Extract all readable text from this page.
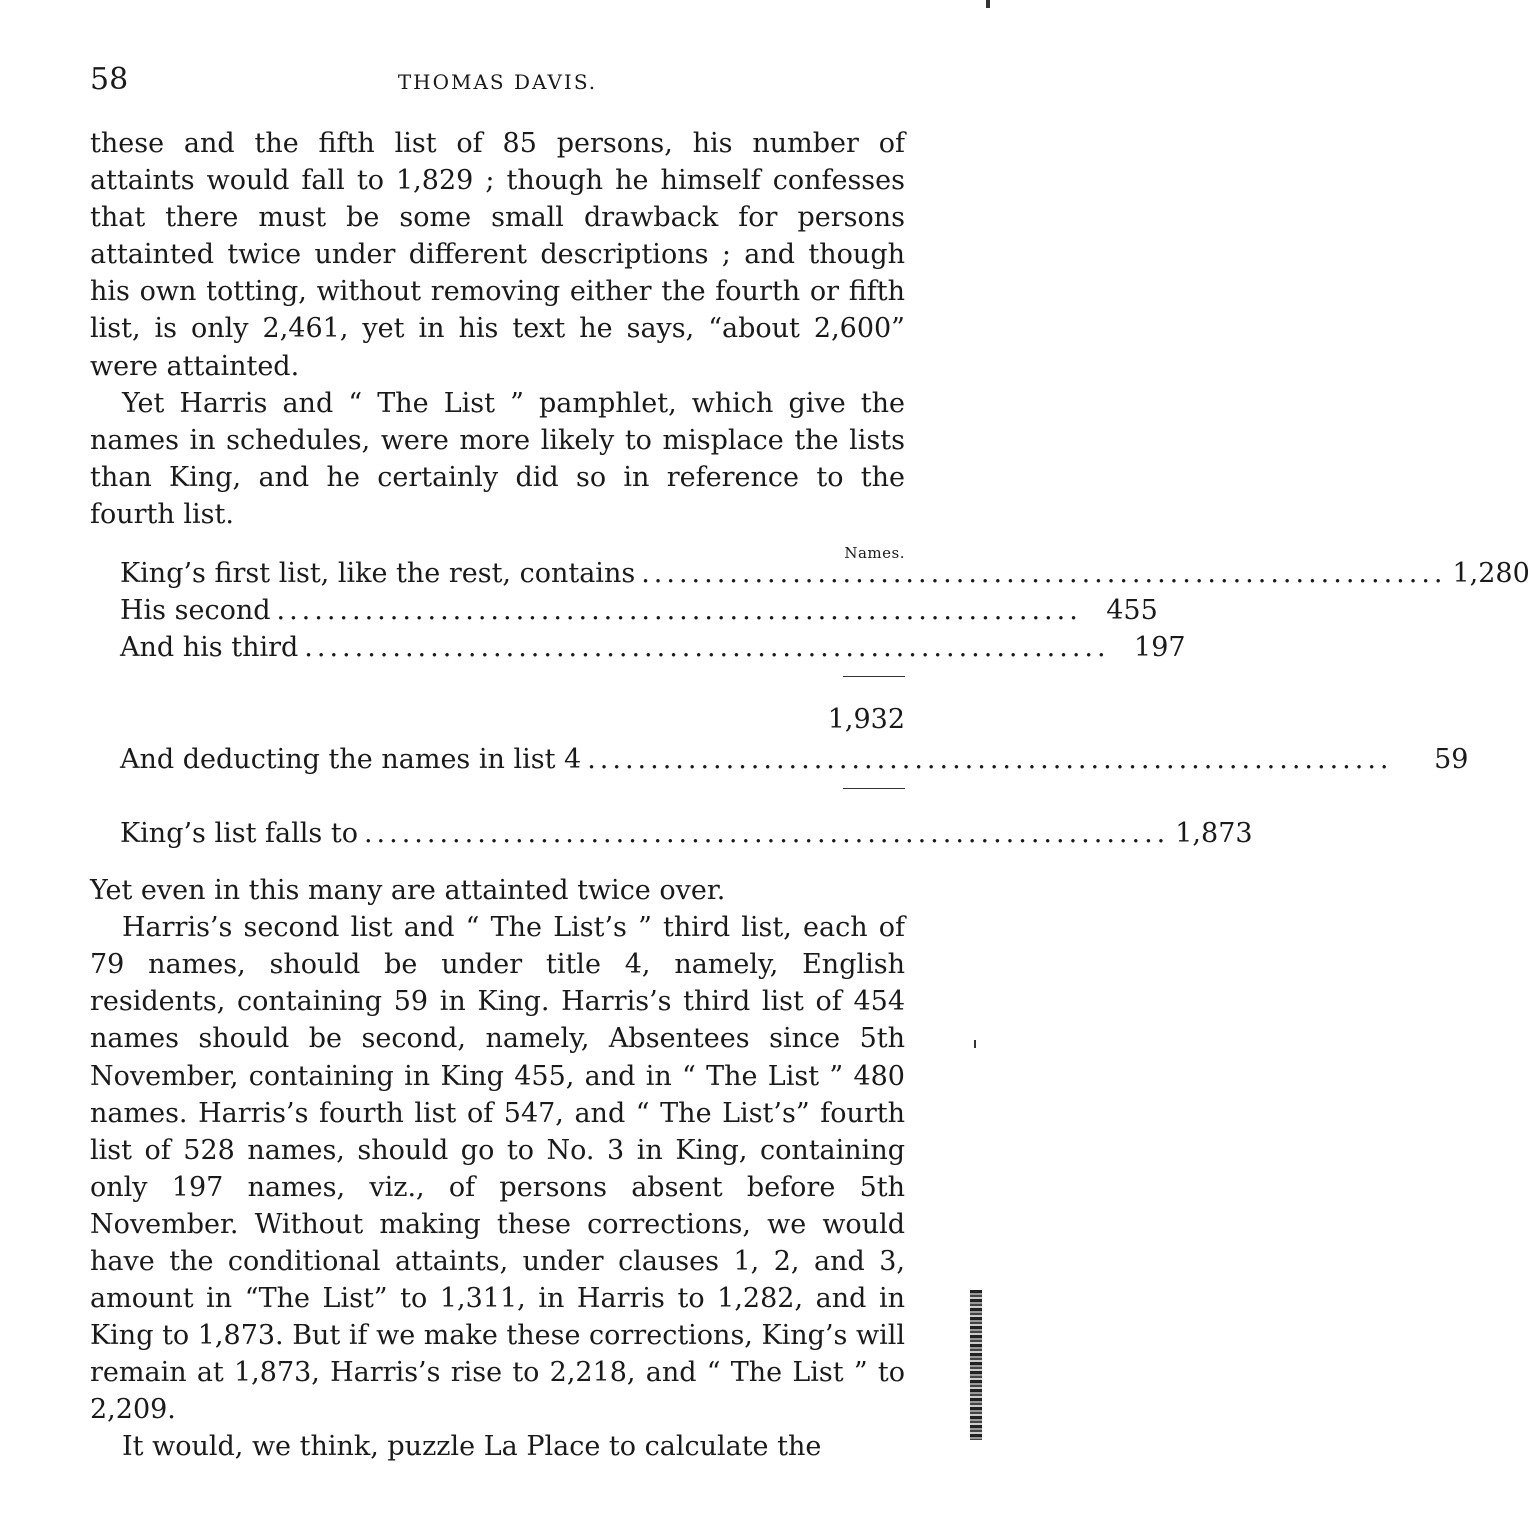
58	THOMAS DAVIS.

these and the fifth list of 85 persons, his number of attaints would fall to 1,829 ; though he himself confesses that there must be some small drawback for persons attainted twice under different descriptions ; and though his own totting, without removing either the fourth or fifth list, is only 2,461, yet in his text he says, “about 2,600” were attainted.

Yet Harris and “ The List ” pamphlet, which give the names in schedules, were more likely to misplace the lists than King, and he certainly did so in reference to the fourth list.

Names.
King’s first list, like the rest, contains ................................................................ 1,280
His second ................................................................ 455
And his third ................................................................ 197
1,932
And deducting the names in list 4 ................................................................	59
King’s list falls to ................................................................ 1,873

Yet even in this many are attainted twice over.

Harris’s second list and “ The List’s ” third list, each of 79 names, should be under title 4, namely, English residents, containing 59 in King. Harris’s third list of 454 names should be second, namely, Absentees since 5th November, containing in King 455, and in “ The List ” 480 names. Harris’s fourth list of 547, and “ The List’s” fourth list of 528 names, should go to No. 3 in King, containing only 197 names, viz., of persons absent before 5th November. Without making these corrections, we would have the conditional attaints, under clauses 1, 2, and 3, amount in “The List” to 1,311, in Harris to 1,282, and in King to 1,873. But if we make these corrections, King’s will remain at 1,873, Harris’s rise to 2,218, and “ The List ” to 2,209.

It would, we think, puzzle La Place to calculate the
